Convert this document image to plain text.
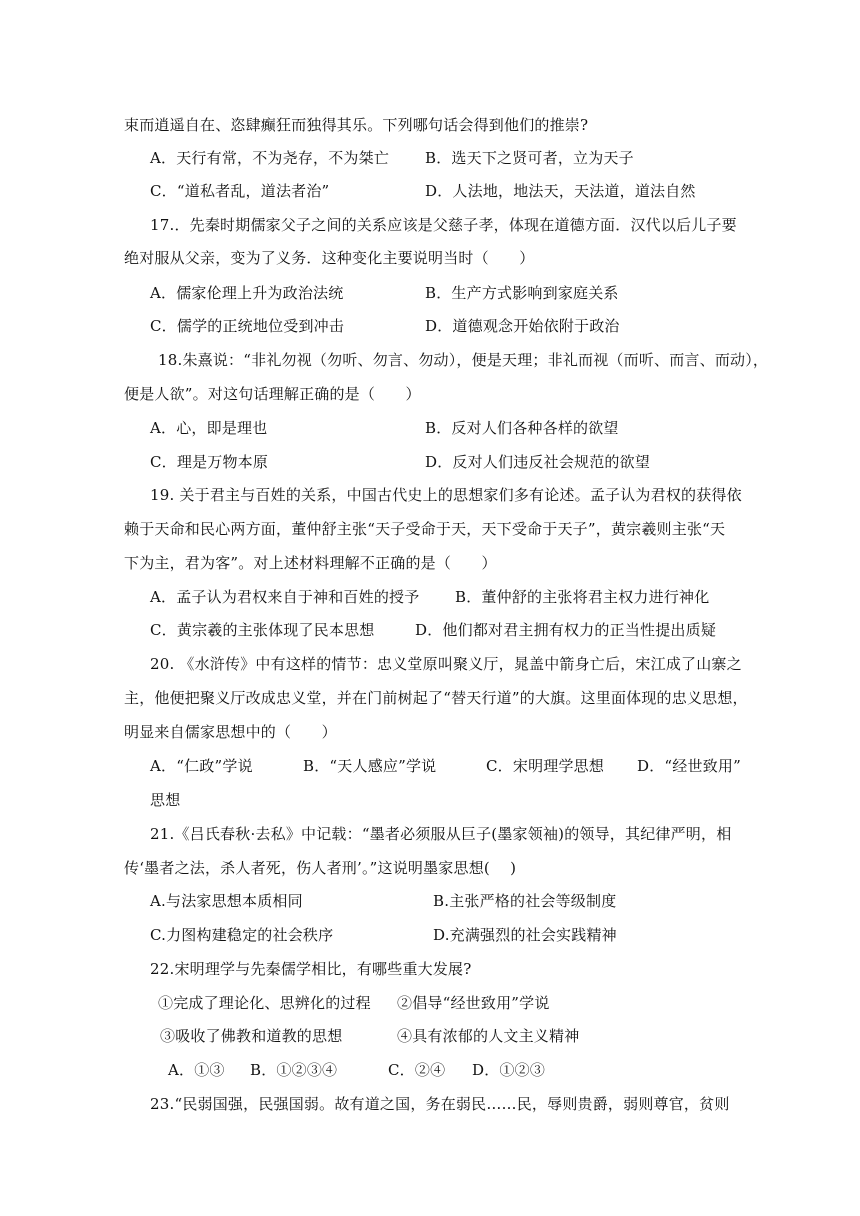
束而逍遥自在、恣肆癫狂而独得其乐。下列哪句话会得到他们的推崇?
A．天行有常，不为尧存，不为桀亡 B．选天下之贤可者，立为天子
C．“道私者乱，道法者治”	D．人法地，地法天，天法道，道法自然
17.．先秦时期儒家父子之间的关系应该是父慈子孝，体现在道德方面．汉代以后儿子要
绝对服从父亲，变为了义务．这种变化主要说明当时（　　）
A．儒家伦理上升为政治法统	B．生产方式影响到家庭关系
C．儒学的正统地位受到冲击	D．道德观念开始依附于政治
18.朱熹说：“非礼勿视（勿听、勿言、勿动），便是天理；非礼而视（而听、而言、而动），
便是人欲”。对这句话理解正确的是（　　）
A．心，即是理也	B．反对人们各种各样的欲望
C．理是万物本原	D．反对人们违反社会规范的欲望
19. 关于君主与百姓的关系，中国古代史上的思想家们多有论述。孟子认为君权的获得依
赖于天命和民心两方面，董仲舒主张“天子受命于天，天下受命于天子”，黄宗羲则主张“天
下为主，君为客”。对上述材料理解不正确的是（　　）
A．孟子认为君权来自于神和百姓的授予 B．董仲舒的主张将君主权力进行神化
C．黄宗羲的主张体现了民本思想	D．他们都对君主拥有权力的正当性提出质疑
20. 《水浒传》中有这样的情节：忠义堂原叫聚义厅，晁盖中箭身亡后，宋江成了山寨之
主，他便把聚义厅改成忠义堂，并在门前树起了“替天行道”的大旗。这里面体现的忠义思想，
明显来自儒家思想中的（　　）
A．“仁政”学说	B．“天人感应”学说	C．宋明理学思想 D．“经世致用”
思想
21.《吕氏春秋·去私》中记载：“墨者必须服从巨子(墨家领袖)的领导，其纪律严明，相
传‘墨者之法，杀人者死，伤人者刑’。”这说明墨家思想(　 )
A.与法家思想本质相同	B.主张严格的社会等级制度
C.力图构建稳定的社会秩序	D.充满强烈的社会实践精神
22.宋明理学与先秦儒学相比，有哪些重大发展?
①完成了理论化、思辨化的过程 ②倡导“经世致用”学说
③吸收了佛教和道教的思想	④具有浓郁的人文主义精神
A．①③ B．①②③④	C．②④ D．①②③
23.“民弱国强，民强国弱。故有道之国，务在弱民……民，辱则贵爵，弱则尊官，贫则
